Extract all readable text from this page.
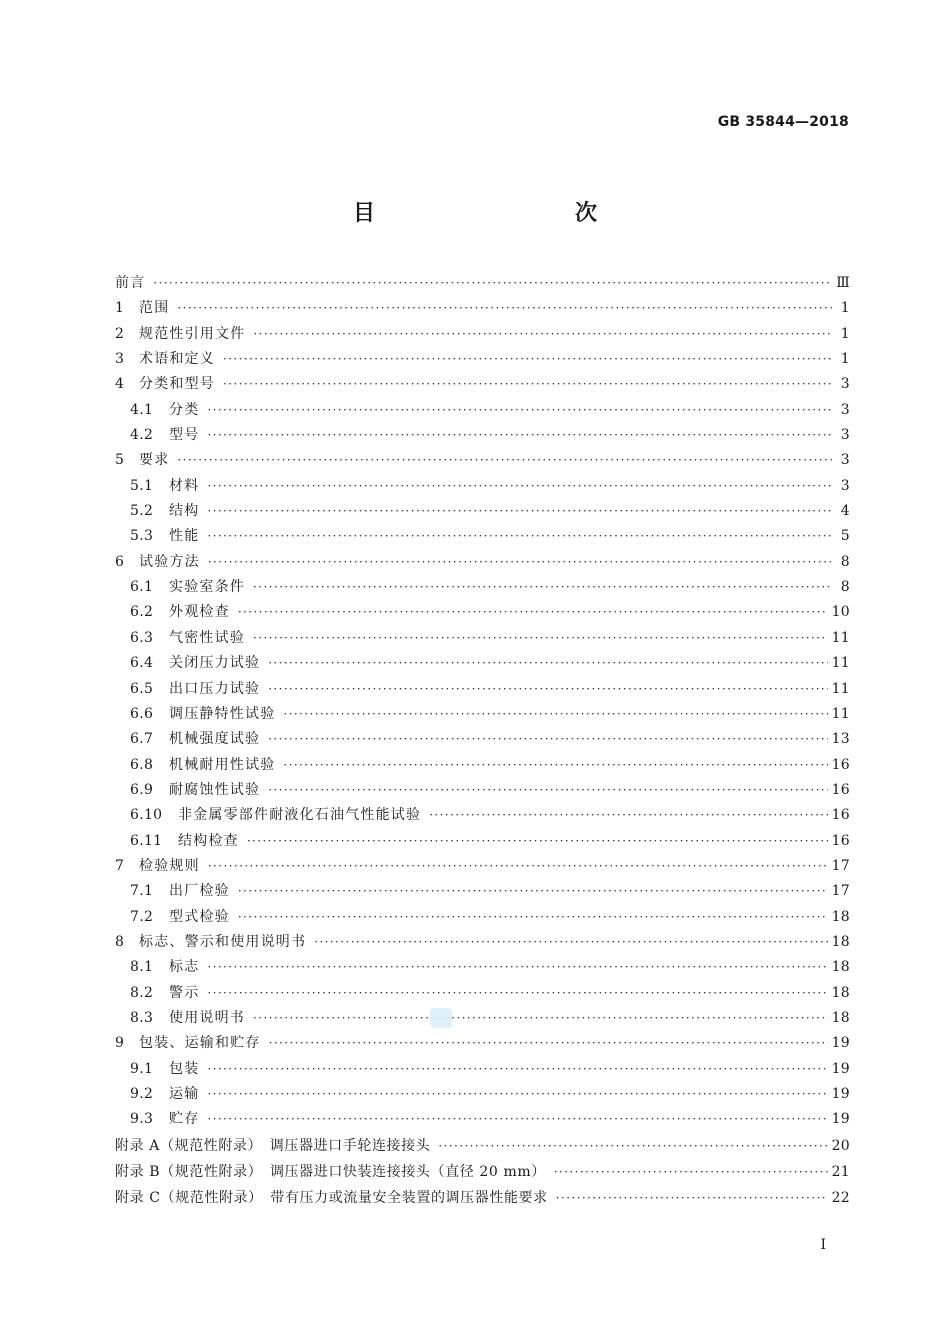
GB 35844—2018
目　　次
前言 ·····	Ⅲ
1	范围 ·····	1
2	规范性引用文件 ·····	1
3	术语和定义 ·····	1
4	分类和型号 ·····	3
4.1	分类 ·····	3
4.2	型号 ·····	3
5	要求 ·····	3
5.1	材料 ·····	3
5.2	结构 ·····	4
5.3	性能 ·····	5
6	试验方法 ·····	8
6.1	实验室条件 ·····	8
6.2	外观检查 ·····	10
6.3	气密性试验 ·····	11
6.4	关闭压力试验 ·····	11
6.5	出口压力试验 ·····	11
6.6	调压静特性试验 ·····	11
6.7	机械强度试验 ·····	13
6.8	机械耐用性试验 ·····	16
6.9	耐腐蚀性试验 ·····	16
6.10	非金属零部件耐液化石油气性能试验 ·····	16
6.11	结构检查 ·····	16
7	检验规则 ·····	17
7.1	出厂检验 ·····	17
7.2	型式检验 ·····	18
8	标志、警示和使用说明书 ·····	18
8.1	标志 ·····	18
8.2	警示 ·····	18
8.3	使用说明书 ·····	18
9	包装、运输和贮存 ·····	19
9.1	包装 ·····	19
9.2	运输 ·····	19
9.3	贮存 ·····	19
附录 A（规范性附录）　调压器进口手轮连接接头 ·····	20
附录 B（规范性附录）　调压器进口快装连接接头（直径 20 mm） ·····	21
附录 C（规范性附录）　带有压力或流量安全装置的调压器性能要求 ·····	22
I
